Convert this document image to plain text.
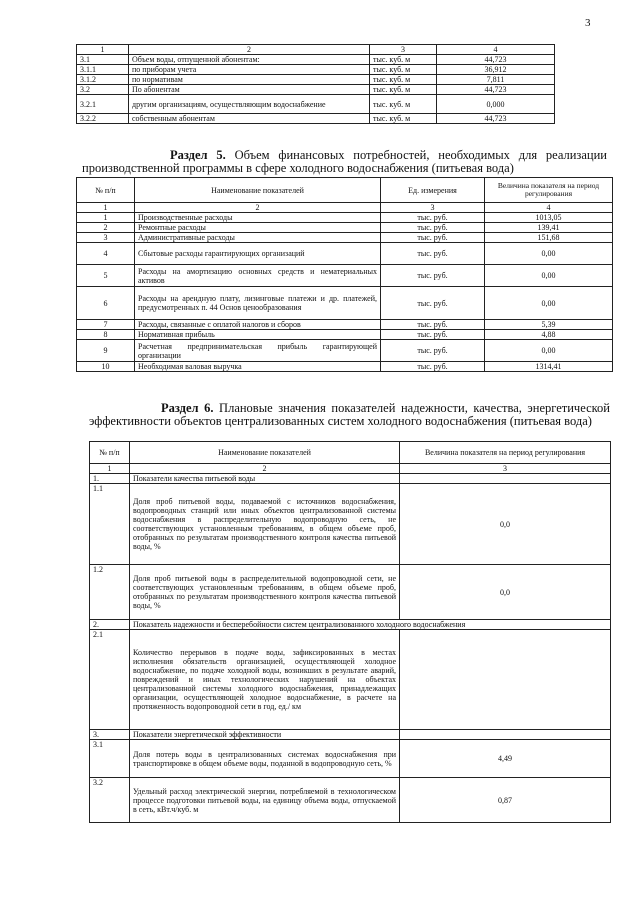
3
1	2	3	4
3.1	Объем воды, отпущенной абонентам:	тыс. куб. м	44,723
3.1.1	по приборам учета	тыс. куб. м	36,912
3.1.2	по нормативам	тыс. куб. м	7,811
3.2	По абонентам	тыс. куб. м	44,723
3.2.1	другим организациям, осуществляющим водоснабжение	тыс. куб. м	0,000
3.2.2	собственным абонентам	тыс. куб. м	44,723

Раздел 5. Объем финансовых потребностей, необходимых для реализации производственной программы в сфере холодного водоснабжения (питьевая вода)

№ п/п	Наименование показателей	Ед. измерения	Величина показателя на период регулирования
1	2	3	4
1	Производственные расходы	тыс. руб.	1013,05
2	Ремонтные расходы	тыс. руб.	139,41
3	Административные расходы	тыс. руб.	151,68
4	Сбытовые расходы гарантирующих организаций	тыс. руб.	0,00
5	Расходы на амортизацию основных средств и нематериальных активов	тыс. руб.	0,00
6	Расходы на арендную плату, лизинговые платежи и др. платежей, предусмотренных п. 44 Основ ценообразования	тыс. руб.	0,00
7	Расходы, связанные с оплатой налогов и сборов	тыс. руб.	5,39
8	Нормативная прибыль	тыс. руб.	4,88
9	Расчетная предпринимательская прибыль гарантирующей организации	тыс. руб.	0,00
10	Необходимая валовая выручка	тыс. руб.	1314,41

Раздел 6. Плановые значения показателей надежности, качества, энергетической эффективности объектов централизованных систем холодного водоснабжения (питьевая вода)

№ п/п	Наименование показателей	Величина показателя на период регулирования
1	2	3
1.	Показатели качества питьевой воды	
1.1	Доля проб питьевой воды, подаваемой с источников водоснабжения, водопроводных станций или иных объектов централизованной системы водоснабжения в распределительную водопроводную сеть, не соответствующих установленным требованиям, в общем объеме проб, отобранных по результатам производственного контроля качества питьевой воды, %	0,0
1.2	Доля проб питьевой воды в распределительной водопроводной сети, не соответствующих установленным требованиям, в общем объеме проб, отобранных по результатам производственного контроля качества питьевой воды, %	0,0
2.	Показатель надежности и бесперебойности систем централизованного холодного водоснабжения	
2.1	Количество перерывов в подаче воды, зафиксированных в местах исполнения обязательств организацией, осуществляющей холодное водоснабжение, по подаче холодной воды, возникших в результате аварий, повреждений и иных технологических нарушений на объектах централизованной системы холодного водоснабжения, принадлежащих организации, осуществляющей холодное водоснабжение, в расчете на протяженность водопроводной сети в год, ед./ км	
3.	Показатели энергетической эффективности	
3.1	Доля потерь воды в централизованных системах водоснабжения при транспортировке в общем объеме воды, поданной в водопроводную сеть, %	4,49
3.2	Удельный расход электрической энергии, потребляемой в технологическом процессе подготовки питьевой воды, на единицу объема воды, отпускаемой в сеть, кВт.ч/куб. м	0,87
